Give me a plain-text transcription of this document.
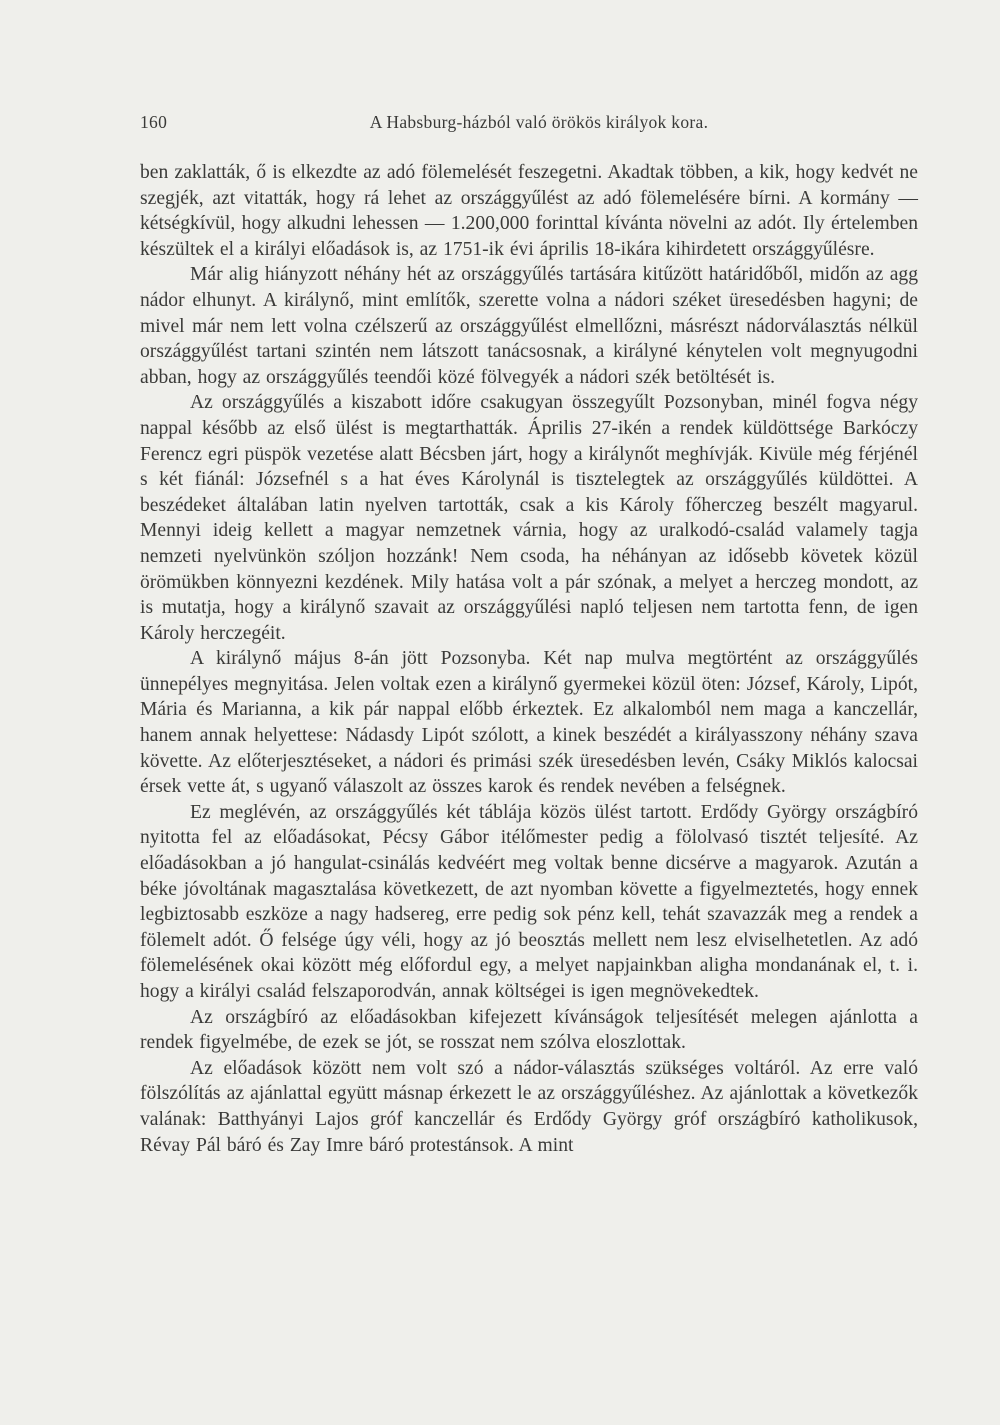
160	A Habsburg-házból való örökös királyok kora.

ben zaklatták, ő is elkezdte az adó fölemelését feszegetni. Akadtak többen, a kik, hogy kedvét ne szegjék, azt vitatták, hogy rá lehet az országgyűlést az adó fölemelésére bírni. A kormány — kétségkívül, hogy alkudni lehessen — 1.200,000 forinttal kívánta növelni az adót. Ily értelemben készültek el a királyi előadások is, az 1751-ik évi április 18-ikára kihirdetett országgyűlésre.

Már alig hiányzott néhány hét az országgyűlés tartására kitűzött határidőből, midőn az agg nádor elhunyt. A királynő, mint említők, szerette volna a nádori széket üresedésben hagyni; de mivel már nem lett volna czélszerű az országgyűlést elmellőzni, másrészt nádorválasztás nélkül országgyűlést tartani szintén nem látszott tanácsosnak, a királyné kénytelen volt megnyugodni abban, hogy az országgyűlés teendői közé fölvegyék a nádori szék betöltését is.

Az országgyűlés a kiszabott időre csakugyan összegyűlt Pozsonyban, minél fogva négy nappal később az első ülést is megtarthatták. Április 27-ikén a rendek küldöttsége Barkóczy Ferencz egri püspök vezetése alatt Bécsben járt, hogy a királynőt meghívják. Kivüle még férjénél s két fiánál: Józsefnél s a hat éves Károlynál is tisztelegtek az országgyűlés küldöttei. A beszédeket általában latin nyelven tartották, csak a kis Károly főherczeg beszélt magyarul. Mennyi ideig kellett a magyar nemzetnek várnia, hogy az uralkodó-család valamely tagja nemzeti nyelvünkön szóljon hozzánk! Nem csoda, ha néhányan az idősebb követek közül örömükben könnyezni kezdének. Mily hatása volt a pár szónak, a melyet a herczeg mondott, az is mutatja, hogy a királynő szavait az országgyűlési napló teljesen nem tartotta fenn, de igen Károly herczegéit.

A királynő május 8-án jött Pozsonyba. Két nap mulva megtörtént az országgyűlés ünnepélyes megnyitása. Jelen voltak ezen a királynő gyermekei közül öten: József, Károly, Lipót, Mária és Marianna, a kik pár nappal előbb érkeztek. Ez alkalomból nem maga a kanczellár, hanem annak helyettese: Nádasdy Lipót szólott, a kinek beszédét a királyasszony néhány szava követte. Az előterjesztéseket, a nádori és primási szék üresedésben levén, Csáky Miklós kalocsai érsek vette át, s ugyanő válaszolt az összes karok és rendek nevében a felségnek.

Ez meglévén, az országgyűlés két táblája közös ülést tartott. Erdődy György országbíró nyitotta fel az előadásokat, Pécsy Gábor itélőmester pedig a fölolvasó tisztét teljesíté. Az előadásokban a jó hangulat-csinálás kedvéért meg voltak benne dicsérve a magyarok. Azután a béke jóvoltának magasztalása következett, de azt nyomban követte a figyelmeztetés, hogy ennek legbiztosabb eszköze a nagy hadsereg, erre pedig sok pénz kell, tehát szavazzák meg a rendek a fölemelt adót. Ő felsége úgy véli, hogy az jó beosztás mellett nem lesz elviselhetetlen. Az adó fölemelésének okai között még előfordul egy, a melyet napjainkban aligha mondanának el, t. i. hogy a királyi család felszaporodván, annak költségei is igen megnövekedtek.

Az országbíró az előadásokban kifejezett kívánságok teljesítését melegen ajánlotta a rendek figyelmébe, de ezek se jót, se rosszat nem szólva eloszlottak.

Az előadások között nem volt szó a nádor-választás szükséges voltáról. Az erre való fölszólítás az ajánlattal együtt másnap érkezett le az országgyűléshez. Az ajánlottak a következők valának: Batthyányi Lajos gróf kanczellár és Erdődy György gróf országbíró katholikusok, Révay Pál báró és Zay Imre báró protestánsok. A mint
